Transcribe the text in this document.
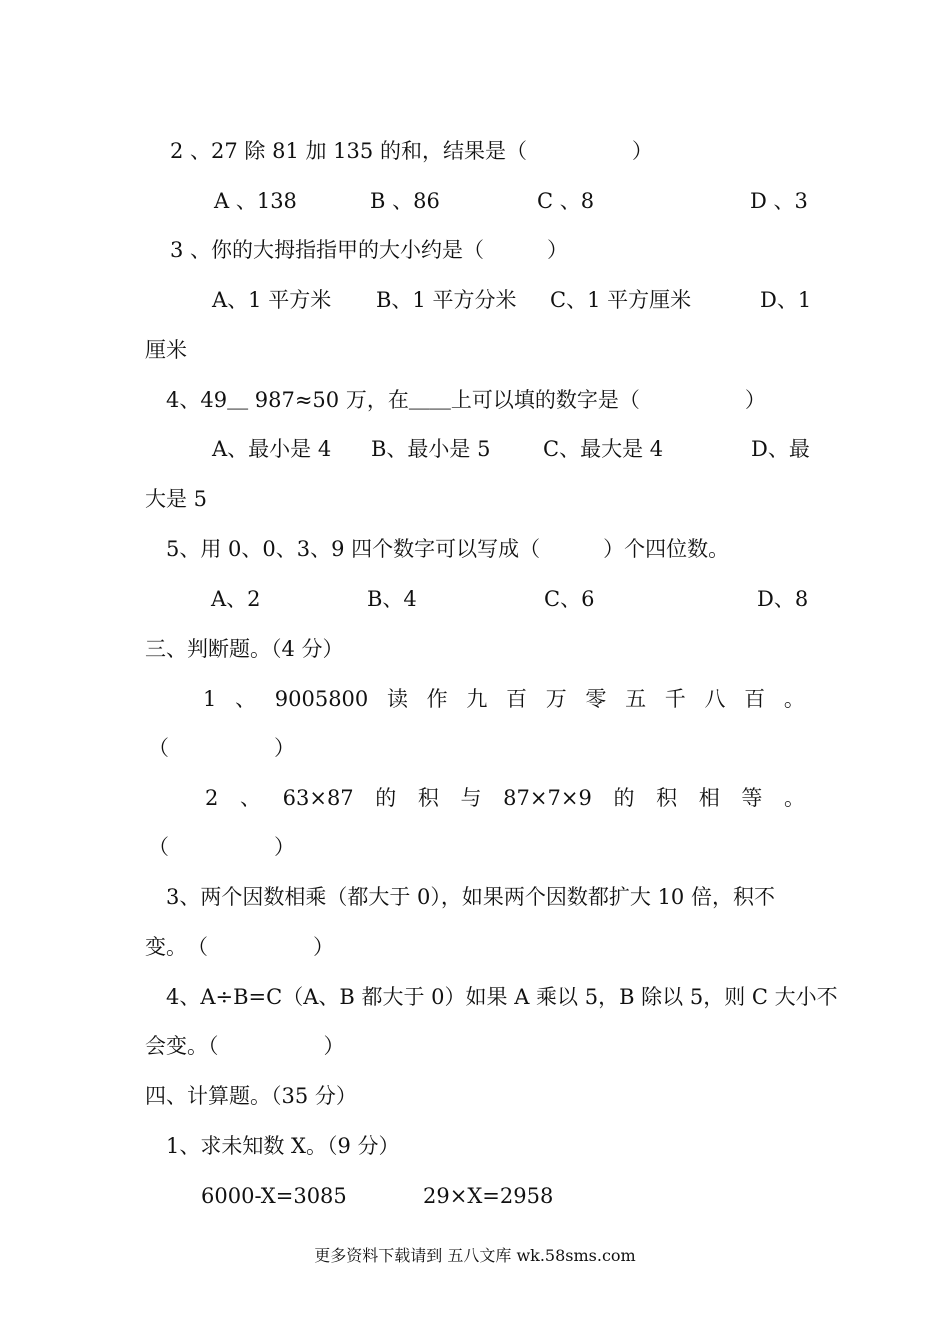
2 、27 除 81 加 135 的和，结果是（　　　　　）
A 、138	B 、86	C 、8	D 、3
3 、你的大拇指指甲的大小约是（　　　）
A、1 平方米 B、1 平方分米 C、1 平方厘米	D、1
厘米
4、49＿ 987≈50 万，在＿＿上可以填的数字是（　　　　　）
A、最小是 4 B、最小是 5	C、最大是 4	D、最
大是 5
5、用 0、0、3、9 四个数字可以写成（　　　）个四位数。
A、2	B、4	C、6	D、8
三、判断题。（4 分）
1 、 9005800 读 作 九 百 万 零 五 千 八 百 。
（　　　　　）
2 、 63×87 的 积 与 87×7×9 的 积 相 等 。
（　　　　　）
3、两个因数相乘（都大于 0），如果两个因数都扩大 10 倍，积不
变。　（　　　　　）
4、A÷B=C（A、B 都大于 0）如果 A 乘以 5，B 除以 5，则 C 大小不
会变。（　　　　　）
四、计算题。（35 分）
1、求未知数 X。（9 分）
6000-X=3085	29×X=2958
更多资料下载请到 五八文库 wk.58sms.com
